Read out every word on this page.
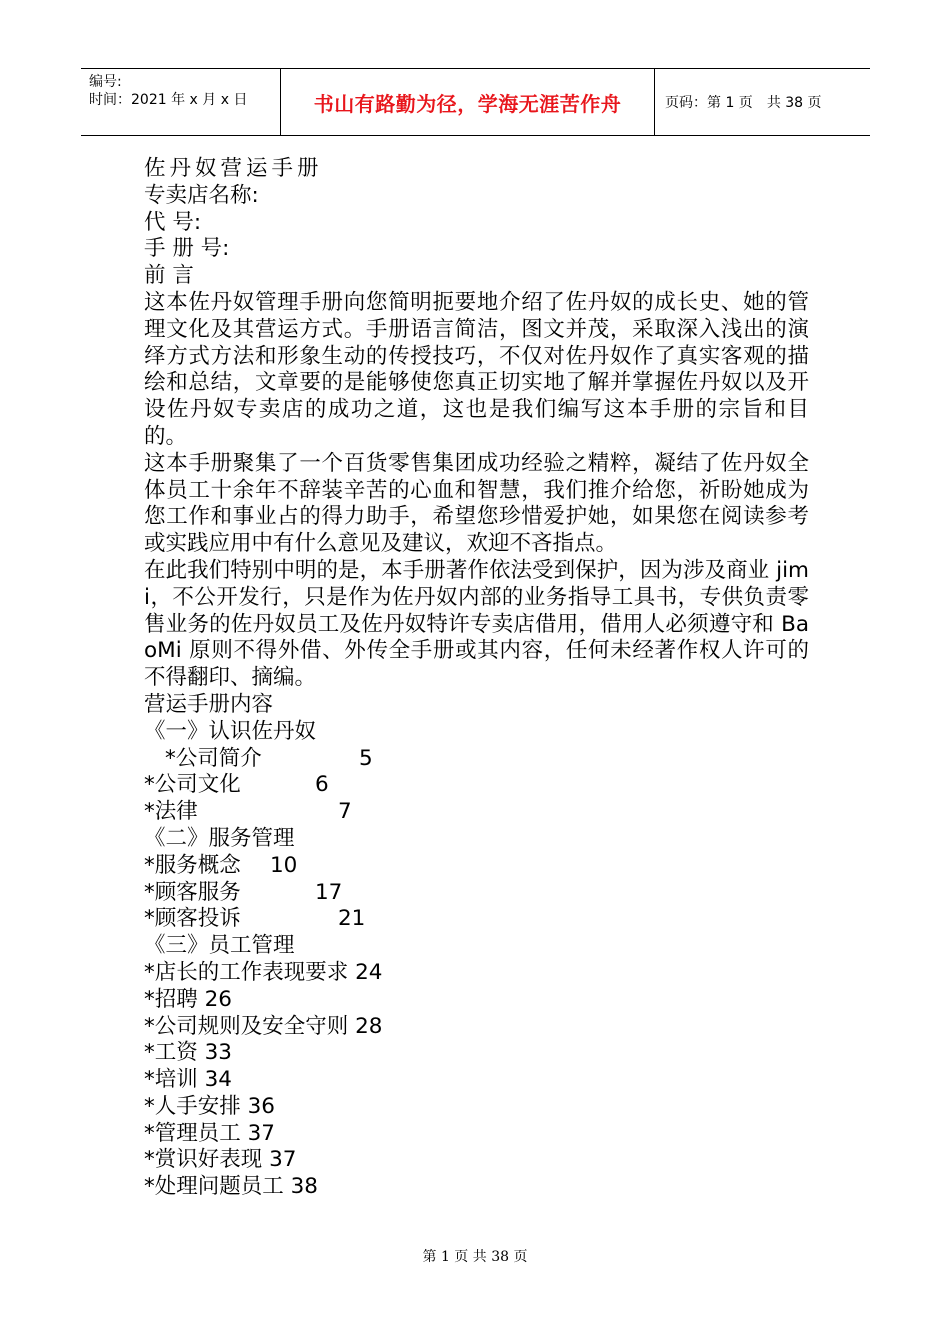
编号:
时间：2021 年 x 月 x 日	书山有路勤为径，学海无涯苦作舟	页码：第 1 页 共 38 页
佐丹奴营运手册
专卖店名称:
代 号:
手 册 号:
前 言

这本佐丹奴管理手册向您简明扼要地介绍了佐丹奴的成长史、她的管理文化及其营运方式。手册语言简洁，图文并茂，采取深入浅出的演绎方式方法和形象生动的传授技巧，不仅对佐丹奴作了真实客观的描绘和总结，文章要的是能够使您真正切实地了解并掌握佐丹奴以及开设佐丹奴专卖店的成功之道，这也是我们编写这本手册的宗旨和目的。

这本手册聚集了一个百货零售集团成功经验之精粹，凝结了佐丹奴全体员工十余年不辞装辛苦的心血和智慧，我们推介给您，祈盼她成为您工作和事业占的得力助手，希望您珍惜爱护她，如果您在阅读参考或实践应用中有什么意见及建议，欢迎不吝指点。

在此我们特别中明的是，本手册著作依法受到保护，因为涉及商业 jimi，不公开发行，只是作为佐丹奴内部的业务指导工具书，专供负责零售业务的佐丹奴员工及佐丹奴特许专卖店借用，借用人必须遵守和 BaoMi 原则不得外借、外传全手册或其内容，任何未经著作权人许可的不得翻印、摘编。

营运手册内容
《一》认识佐丹奴
*公司简介	5
*公司文化	6
*法律	7
《二》服务管理
*服务概念 10
*顾客服务	17
*顾客投诉	21
《三》员工管理
*店长的工作表现要求 24
*招聘 26
*公司规则及安全守则 28
*工资 33
*培训 34
*人手安排 36
*管理员工 37
*赏识好表现 37
*处理问题员工 38
第 1 页 共 38 页
